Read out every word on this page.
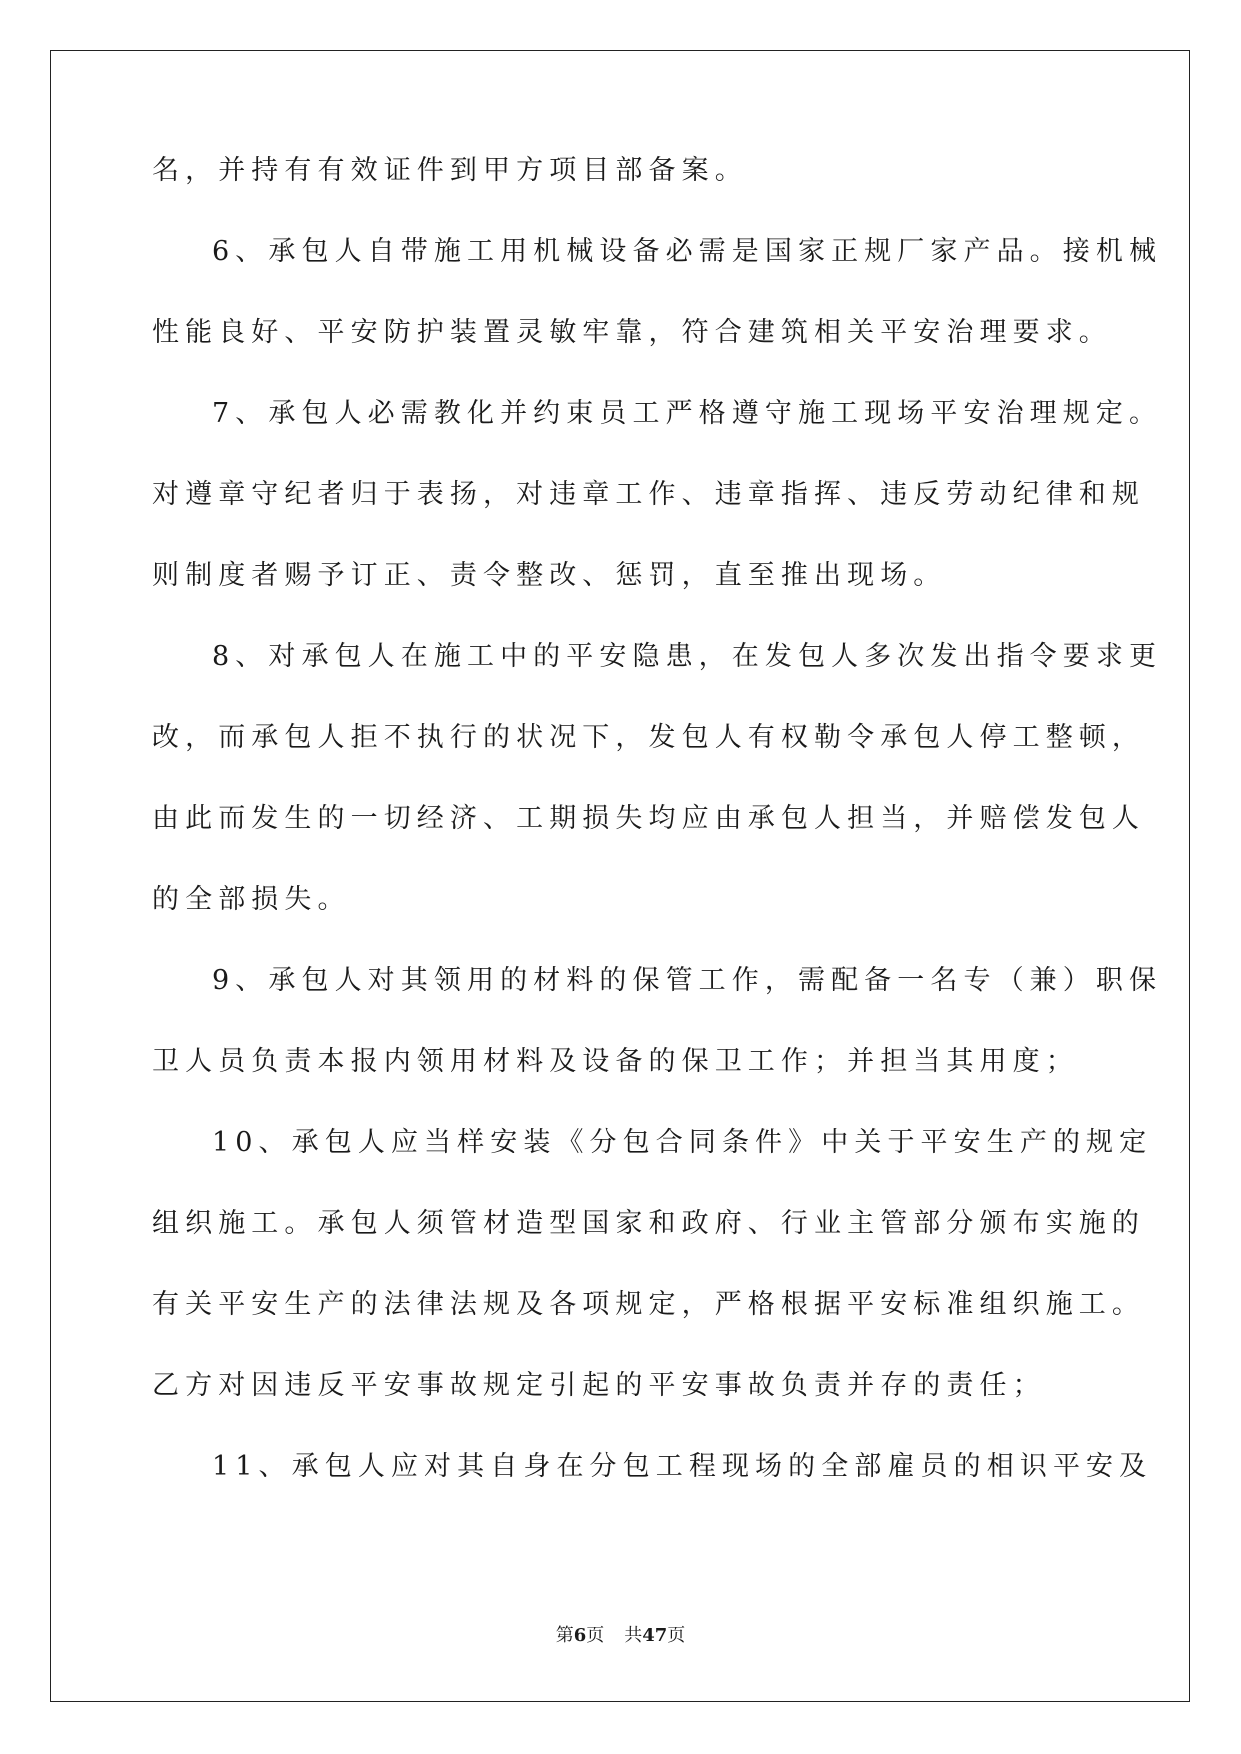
名，并持有有效证件到甲方项目部备案。
6、承包人自带施工用机械设备必需是国家正规厂家产品。接机械
性能良好、平安防护装置灵敏牢靠，符合建筑相关平安治理要求。
7、承包人必需教化并约束员工严格遵守施工现场平安治理规定。
对遵章守纪者归于表扬，对违章工作、违章指挥、违反劳动纪律和规
则制度者赐予订正、责令整改、惩罚，直至推出现场。
8、对承包人在施工中的平安隐患，在发包人多次发出指令要求更
改，而承包人拒不执行的状况下，发包人有权勒令承包人停工整顿，
由此而发生的一切经济、工期损失均应由承包人担当，并赔偿发包人
的全部损失。
9、承包人对其领用的材料的保管工作，需配备一名专（兼）职保
卫人员负责本报内领用材料及设备的保卫工作；并担当其用度；
10、承包人应当样安装《分包合同条件》中关于平安生产的规定
组织施工。承包人须管材造型国家和政府、行业主管部分颁布实施的
有关平安生产的法律法规及各项规定，严格根据平安标准组织施工。
乙方对因违反平安事故规定引起的平安事故负责并存的责任；
11、承包人应对其自身在分包工程现场的全部雇员的相识平安及
第6页 共47页
